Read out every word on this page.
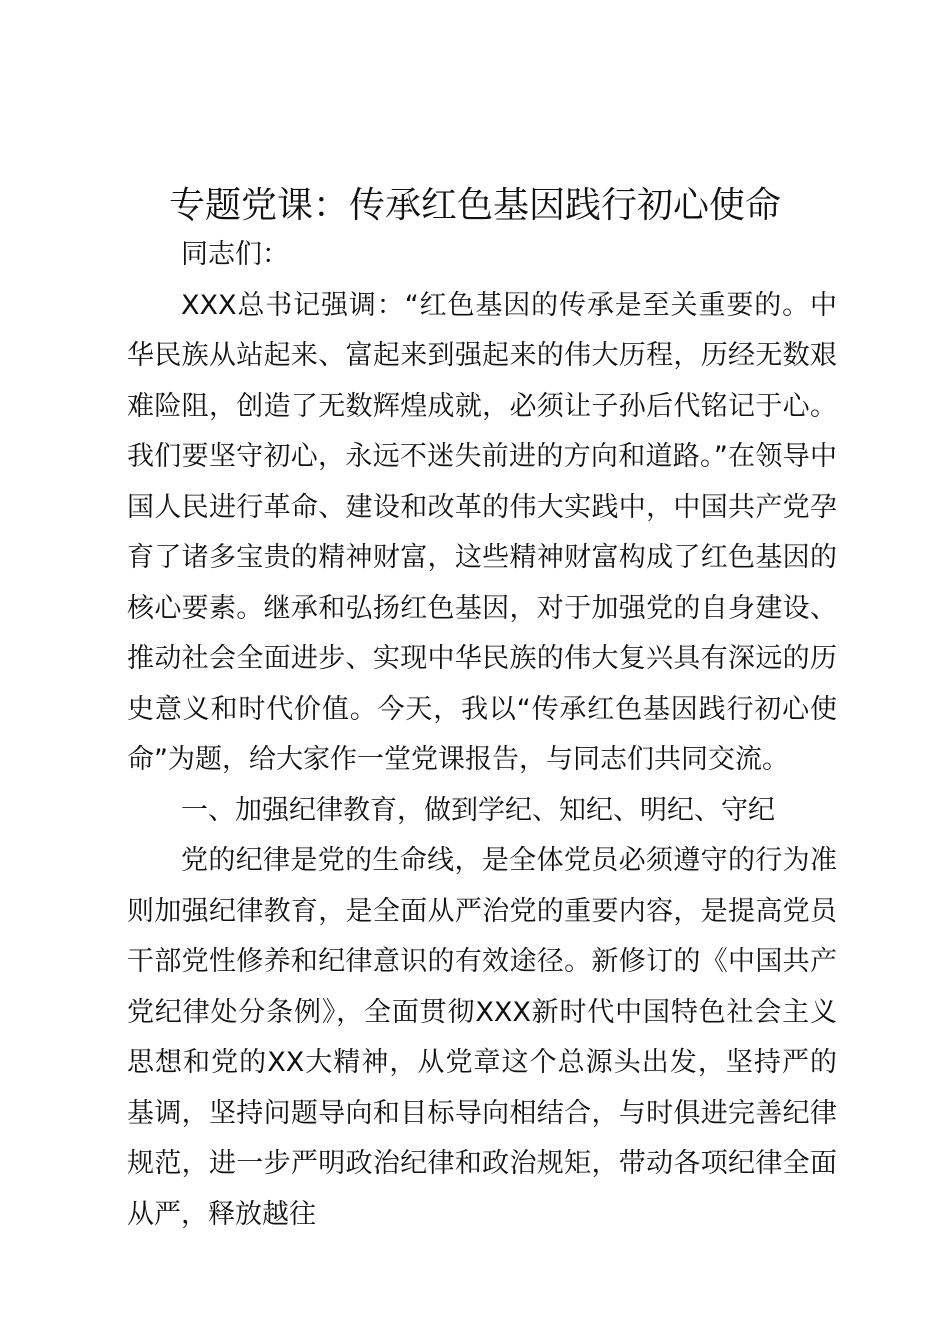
专题党课：传承红色基因践行初心使命

同志们：

XXX总书记强调：“红色基因的传承是至关重要的。中华民族从站起来、富起来到强起来的伟大历程，历经无数艰难险阻，创造了无数辉煌成就，必须让子孙后代铭记于心。我们要坚守初心，永远不迷失前进的方向和道路。”在领导中国人民进行革命、建设和改革的伟大实践中，中国共产党孕育了诸多宝贵的精神财富，这些精神财富构成了红色基因的核心要素。继承和弘扬红色基因，对于加强党的自身建设、推动社会全面进步、实现中华民族的伟大复兴具有深远的历史意义和时代价值。今天，我以“传承红色基因践行初心使命”为题，给大家作一堂党课报告，与同志们共同交流。

一、加强纪律教育，做到学纪、知纪、明纪、守纪

党的纪律是党的生命线，是全体党员必须遵守的行为准则加强纪律教育，是全面从严治党的重要内容，是提高党员干部党性修养和纪律意识的有效途径。新修订的《中国共产党纪律处分条例》，全面贯彻XXX新时代中国特色社会主义思想和党的XX大精神，从党章这个总源头出发，坚持严的基调，坚持问题导向和目标导向相结合，与时俱进完善纪律规范，进一步严明政治纪律和政治规矩，带动各项纪律全面从严，释放越往
